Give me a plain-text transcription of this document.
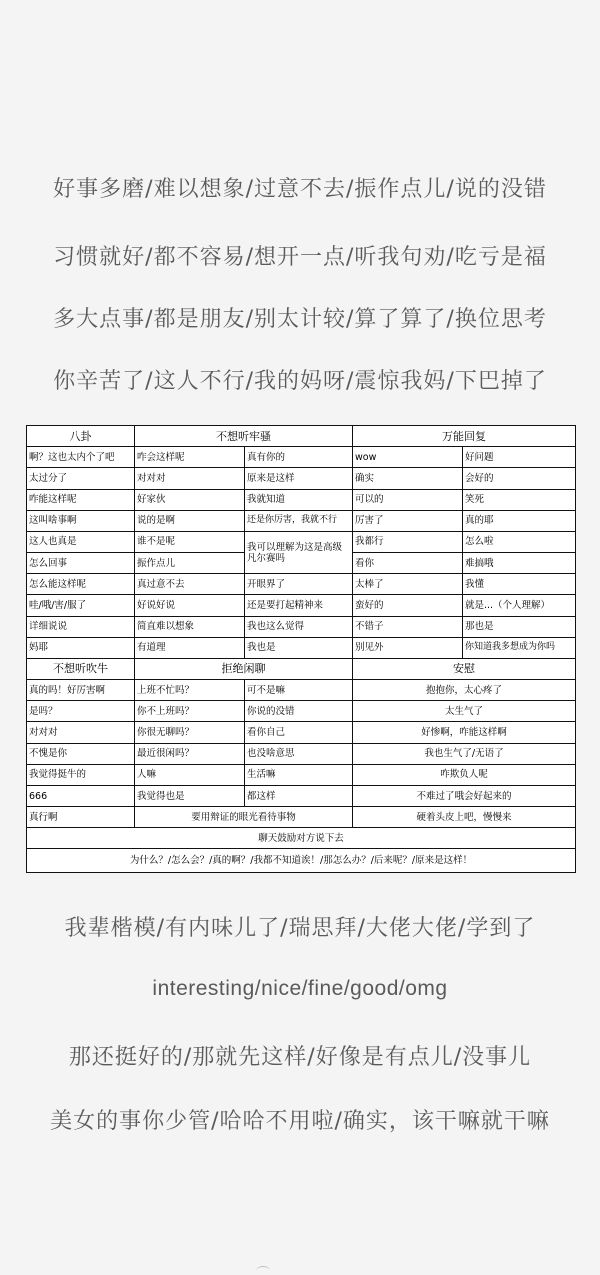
好事多磨/难以想象/过意不去/振作点儿/说的没错
习惯就好/都不容易/想开一点/听我句劝/吃亏是福
多大点事/都是朋友/别太计较/算了算了/换位思考
你辛苦了/这人不行/我的妈呀/震惊我妈/下巴掉了
八卦	不想听牢骚		万能回复	
啊？这也太内个了吧	咋会这样呢	真有你的	wow	好问题
太过分了	对对对	原来是这样	确实	会好的
咋能这样呢	好家伙	我就知道	可以的	笑死
这叫啥事啊	说的是啊	还是你厉害，我就不行	厉害了	真的耶
这人也真是	谁不是呢	我可以理解为这是高级凡尔赛吗	我都行	怎么啦
怎么回事	振作点儿		看你	难搞哦
怎么能这样呢	真过意不去	开眼界了	太棒了	我懂
哇/哦/害/服了	好说好说	还是要打起精神来	蛮好的	就是...（个人理解）
详细说说	简直难以想象	我也这么觉得	不错子	那也是
妈耶	有道理	我也是	别见外	你知道我多想成为你吗
不想听吹牛	拒绝闲聊		安慰	
真的吗！好厉害啊	上班不忙吗？	可不是嘛	抱抱你，太心疼了	
是吗？	你不上班吗？	你说的没错	太生气了	
对对对	你很无聊吗？	看你自己	好惨啊，咋能这样啊	
不愧是你	最近很闲吗？	也没啥意思	我也生气了/无语了	
我觉得挺牛的	人嘛	生活嘛	咋欺负人呢	
666	我觉得也是	都这样	不难过了哦会好起来的	
真行啊	要用辩证的眼光看待事物		硬着头皮上吧，慢慢来	
聊天鼓励对方说下去				
为什么？/怎么会？/真的啊？/我都不知道诶！/那怎么办？/后来呢？/原来是这样！				
我辈楷模/有内味儿了/瑞思拜/大佬大佬/学到了
interesting/nice/fine/good/omg
那还挺好的/那就先这样/好像是有点儿/没事儿
美女的事你少管/哈哈不用啦/确实，该干嘛就干嘛
